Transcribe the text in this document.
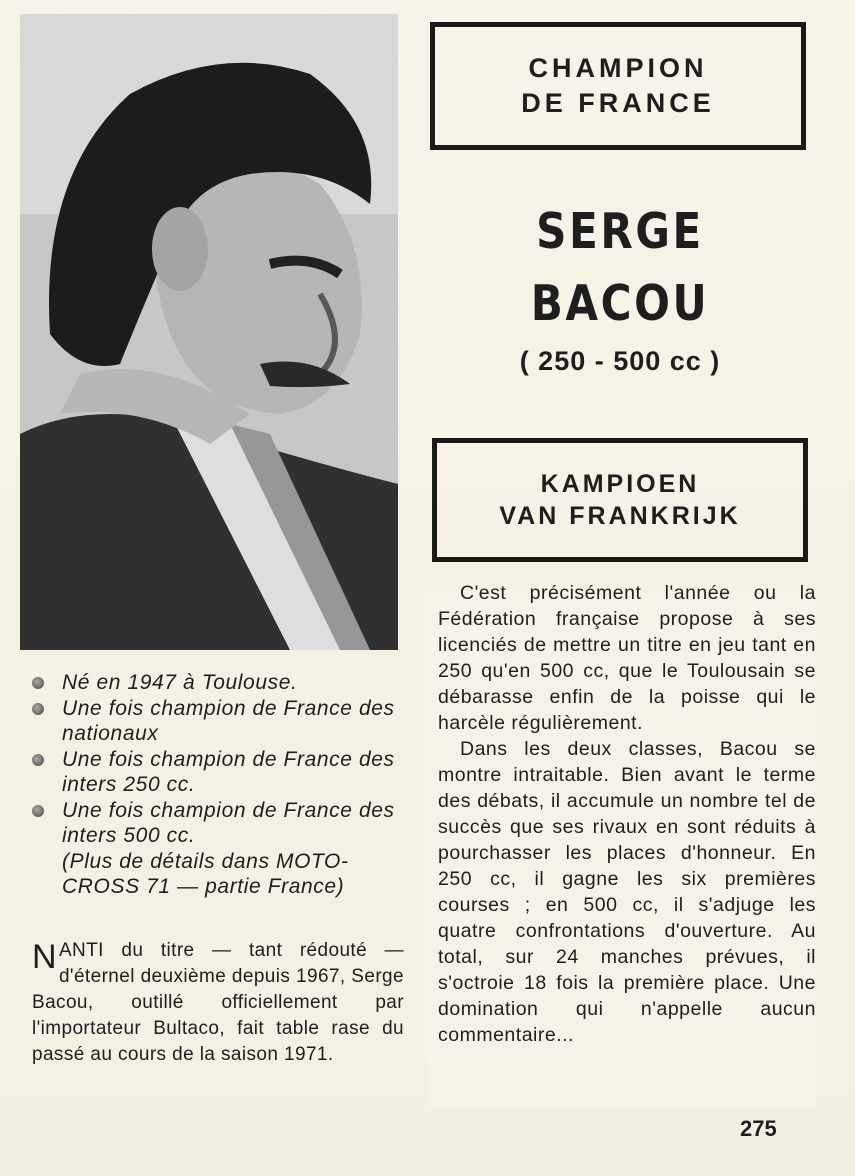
CHAMPION
DE FRANCE
SERGE
BACOU
( 250 - 500 cc )
KAMPIOEN
VAN FRANKRIJK
Né en 1947 à Toulouse.
Une fois champion de France des nationaux
Une fois champion de France des inters 250 cc.
Une fois champion de France des inters 500 cc.
(Plus de détails dans MOTO-CROSS 71 — partie France)
NANTI du titre — tant rédouté — d'éternel deuxième depuis 1967, Serge Bacou, outillé officiellement par l'importateur Bultaco, fait table rase du passé au cours de la saison 1971.

C'est précisément l'année ou la Fédération française propose à ses licenciés de mettre un titre en jeu tant en 250 qu'en 500 cc, que le Toulousain se débarasse enfin de la poisse qui le harcèle régulièrement.

Dans les deux classes, Bacou se montre intraitable. Bien avant le terme des débats, il accumule un nombre tel de succès que ses rivaux en sont réduits à pourchasser les places d'honneur. En 250 cc, il gagne les six premières courses ; en 500 cc, il s'adjuge les quatre confrontations d'ouverture. Au total, sur 24 manches prévues, il s'octroie 18 fois la première place. Une domination qui n'appelle aucun commentaire...

275
